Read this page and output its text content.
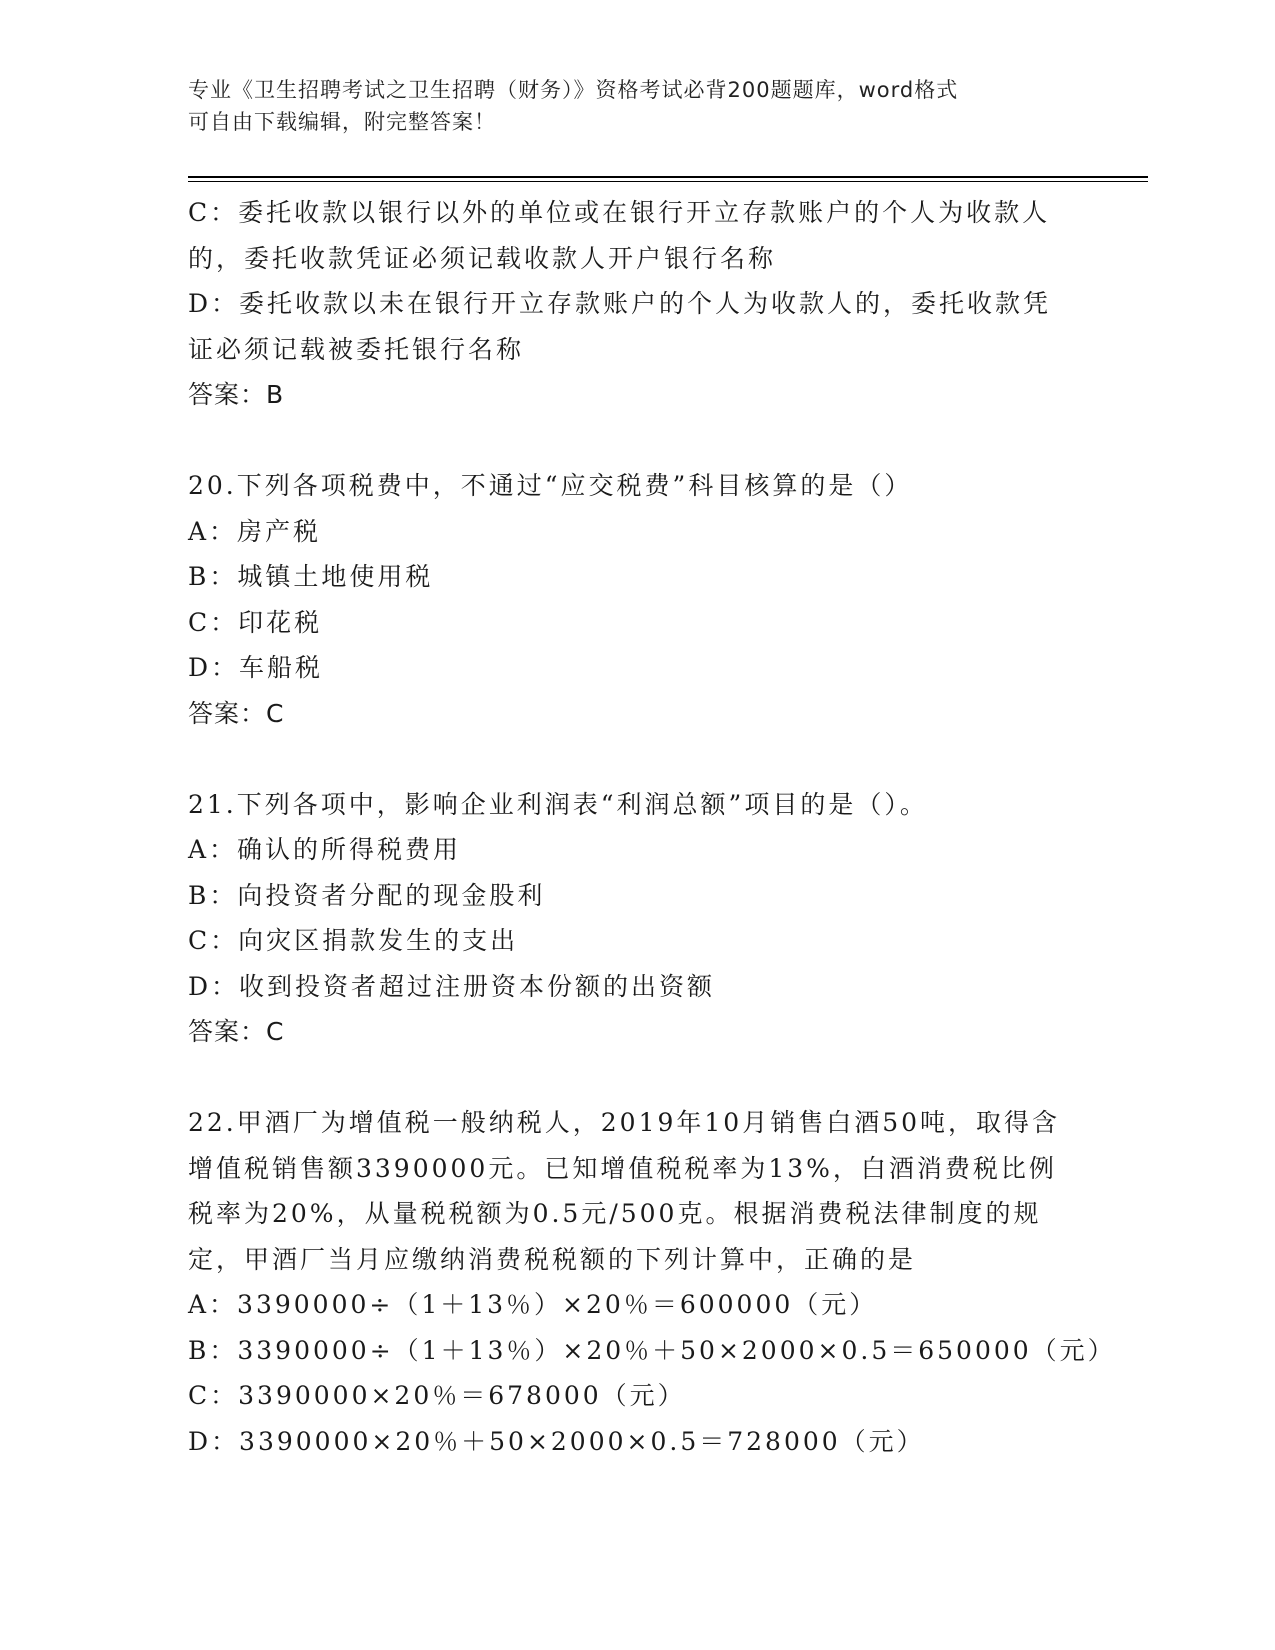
专业《卫生招聘考试之卫生招聘（财务）》资格考试必背200题题库，word格式
可自由下载编辑，附完整答案！
C：委托收款以银行以外的单位或在银行开立存款账户的个人为收款人
的，委托收款凭证必须记载收款人开户银行名称
D：委托收款以未在银行开立存款账户的个人为收款人的，委托收款凭
证必须记载被委托银行名称
答案：B
20.下列各项税费中，不通过“应交税费”科目核算的是（）
A：房产税
B：城镇土地使用税
C：印花税
D：车船税
答案：C
21.下列各项中，影响企业利润表“利润总额”项目的是（）。
A：确认的所得税费用
B：向投资者分配的现金股利
C：向灾区捐款发生的支出
D：收到投资者超过注册资本份额的出资额
答案：C
22.甲酒厂为增值税一般纳税人，2019年10月销售白酒50吨，取得含
增值税销售额3390000元。已知增值税税率为13%，白酒消费税比例
税率为20%，从量税税额为0.5元/500克。根据消费税法律制度的规
定，甲酒厂当月应缴纳消费税税额的下列计算中，正确的是
A：3390000÷（1＋13％）×20％＝600000（元）
B：3390000÷（1＋13％）×20％＋50×2000×0.5＝650000（元）
C：3390000×20％＝678000（元）
D：3390000×20％＋50×2000×0.5＝728000（元）
